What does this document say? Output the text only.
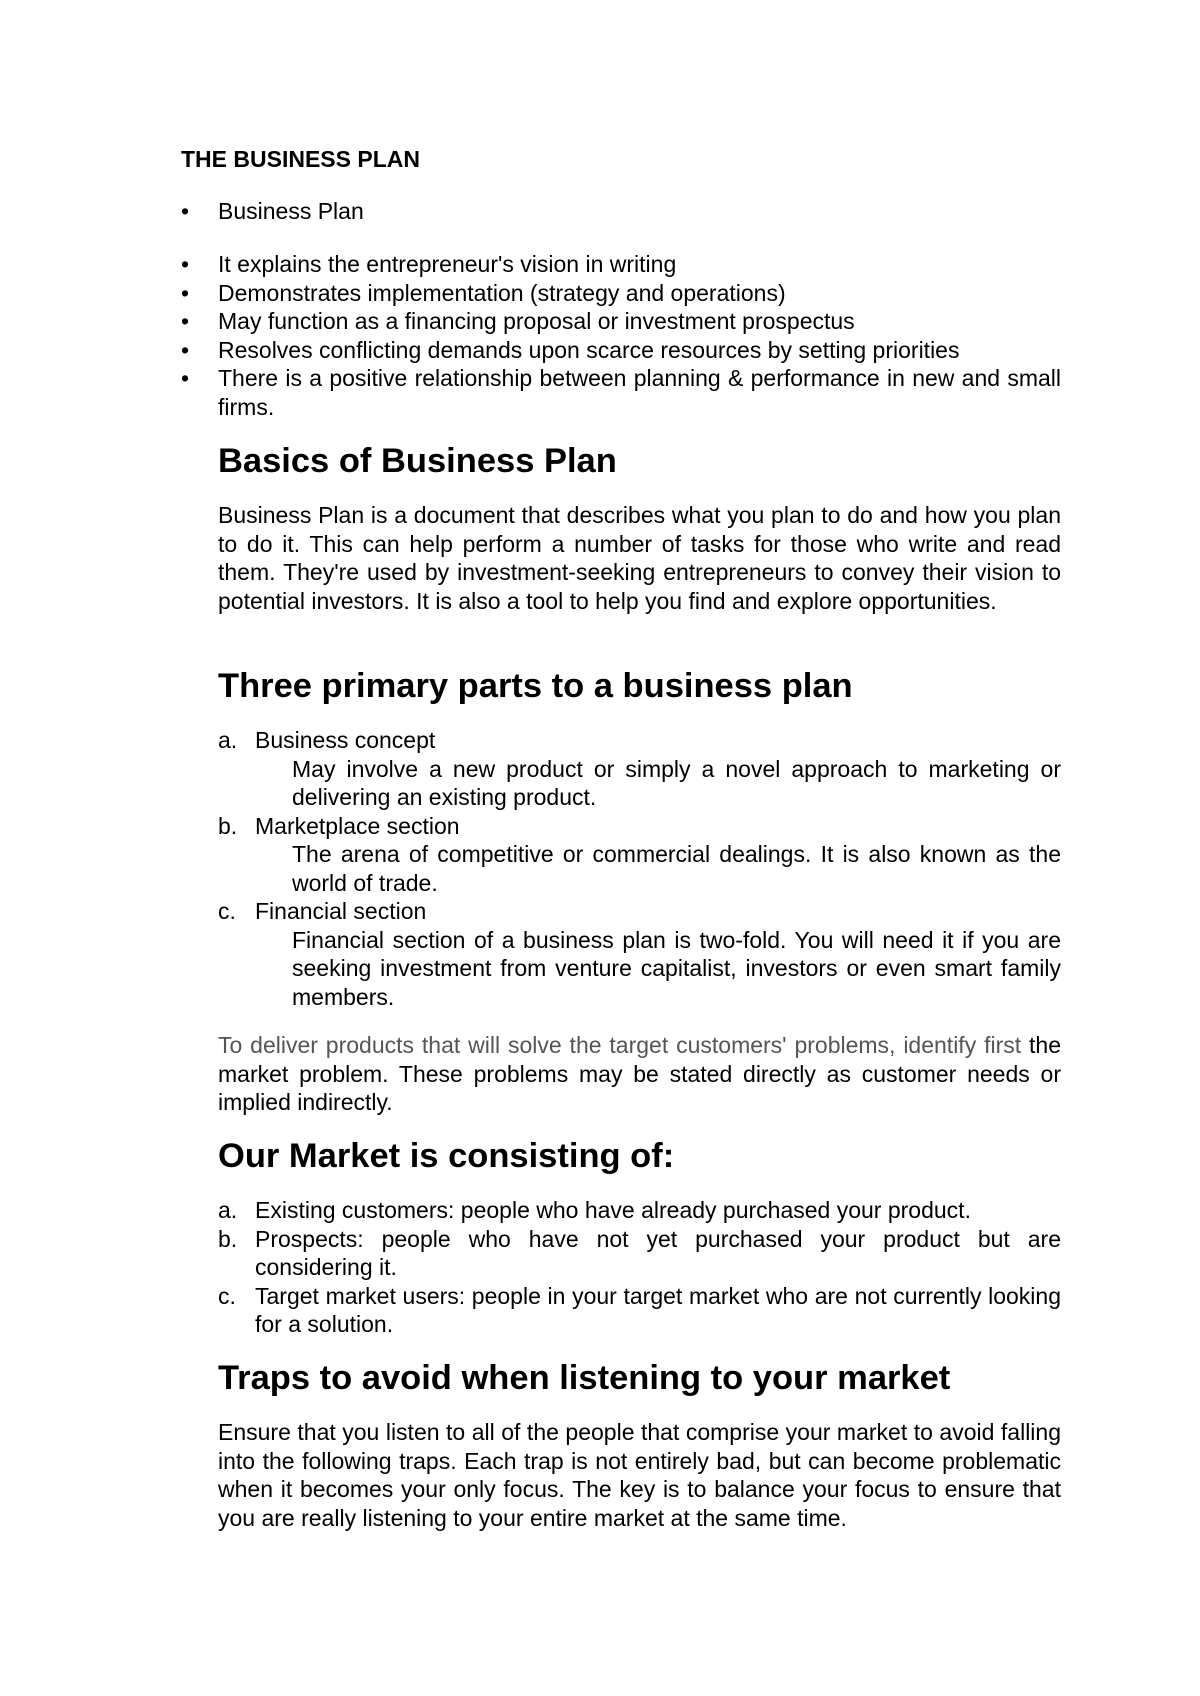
THE BUSINESS PLAN
•	Business Plan
•	It explains the entrepreneur's vision in writing
•	Demonstrates implementation (strategy and operations)
•	May function as a financing proposal or investment prospectus
•	Resolves conflicting demands upon scarce resources by setting priorities
•	There is a positive relationship between planning & performance in new and small firms.
Basics of Business Plan

Business Plan is a document that describes what you plan to do and how you plan to do it. This can help perform a number of tasks for those who write and read them. They're used by investment-seeking entrepreneurs to convey their vision to potential investors. It is also a tool to help you find and explore opportunities.

Three primary parts to a business plan
a. Business concept
May involve a new product or simply a novel approach to marketing or delivering an existing product.
b. Marketplace section
The arena of competitive or commercial dealings. It is also known as the world of trade.
c. Financial section
Financial section of a business plan is two-fold. You will need it if you are seeking investment from venture capitalist, investors or even smart family members.

To deliver products that will solve the target customers' problems, identify first the market problem. These problems may be stated directly as customer needs or implied indirectly.

Our Market is consisting of:
a. Existing customers: people who have already purchased your product.
b. Prospects: people who have not yet purchased your product but are considering it.
c. Target market users: people in your target market who are not currently looking for a solution.
Traps to avoid when listening to your market

Ensure that you listen to all of the people that comprise your market to avoid falling into the following traps. Each trap is not entirely bad, but can become problematic when it becomes your only focus. The key is to balance your focus to ensure that you are really listening to your entire market at the same time.
